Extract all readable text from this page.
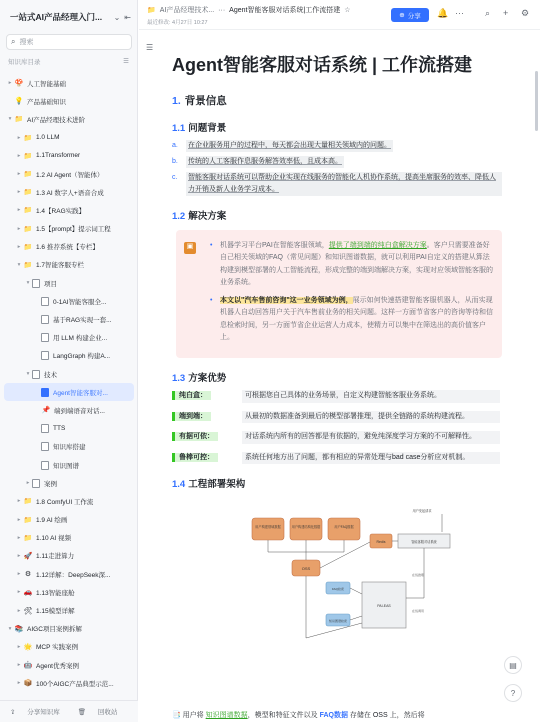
一站式AI产品经理入门...	⌄ ⇤
⌕ 搜索
知识库目录	☰
▸ 🍄 人工智能基础
💡 产品基础知识
▾ 📁 AI产品经理技术进阶
▸ 📁 1.0 LLM
▸ 📁 1.1Transformer
▸ 📁 1.2 AI Agent（智能体）
▸ 📁 1.3 AI 数字人+语音合成
▸ 📁 1.4【RAG实践】
▸ 📁 1.5【prompt】提示词工程
▸ 📁 1.6 推荐系统【专栏】
▾ 📁 1.7智能客服专栏
▾	项目
0-1AI智能客服全...
基于RAG实现一套...
用 LLM 构建企业...
LangGraph 构建A...
▾	技术
Agent智能客服对...
📌 端到端语音对话...
TTS
知识库搭建
知识图谱
▸	案例
▸ 📁 1.8 ComfyUI 工作流
▸ 📁 1.9 AI 绘画
▸ 📁 1.10 AI 视频
▸ 🚀 1.11走进算力
▸ ⚙ 1.12详解：DeepSeek深...
▸ 🚗 1.13智能座舱
▸ 🛠 1.15模型详解
▾ 📚 AIGC项目案例拆解
▸ 🌟 MCP 实践案例
▸ 🤖 Agent优秀案例
▸ 📦 100个AIGC产品典型示范...
⇪ 分享知识库	🗑 回收站
📁 AI产品经理技术... ··· Agent智能客服对话系统|工作流搭建 ☆
最近修改: 4月27日 10:27
⊕ 分享 🔔 ··· ⌕ + ⚙
☰
Agent智能客服对话系统 | 工作流搭建
1. 背景信息
1.1 问题背景
a.	在企业服务用户的过程中，每天都会出现大量相关领域内的问题。
b.	传统的人工客服作息服务解答效率低，且成本高。
c.	智能客服对话系统可以帮助企业实现在线服务的智能化人机协作系统，提高坐席服务的效率、降低人力开销及新人业务学习成本。
1.2 解决方案
▣	•	机器学习平台PAI在智能客服领域，提供了端到端的纯白盒解决方案。客户只需要准备好自己相关领域的FAQ（常见问题）和知识图谱数据，就可以利用PAI自定义的搭建从算法构建到模型部署的人工智能流程，形成完整的端到端解决方案，实现对应领域智能客服的业务系统。
•	本文以"汽车售前咨询"这一业务领域为例，展示如何快速搭建智能客服机器人，从而实现机器人自动回答用户关于汽车售前业务的相关问题。这样一方面节省客户的咨询等待和信息检索时间，另一方面节省企业运营人力成本，使精力可以集中在筛选出的高价值客户上。
1.3 方案优势
纯白盒：	可根据您自己具体的业务场景，自定义构建智能客服业务系统。
端到端：	从最初的数据准备到最后的模型部署推理，提供全链路的系统构建流程。
有据可依：	对话系统内所有的回答都是有依据的，避免纯深度学习方案的不可解释性。
鲁棒可控：	系统任何地方出了问题，都有相应的异常处理与bad case分析应对机制。
1.4 工程部署架构
用户构建领域数据	用户构建结构化数据	用户FAQ数据
OSS
Redis	智能客服对话系统
用户发起请求
FAQ检索
知识图谱检索
PAI-EAS
在线推理
在线调用
📑 用户将 知识图谱数据，模型和特征文件以及 FAQ数据 存储在 OSS 上，然后将
▤
?
